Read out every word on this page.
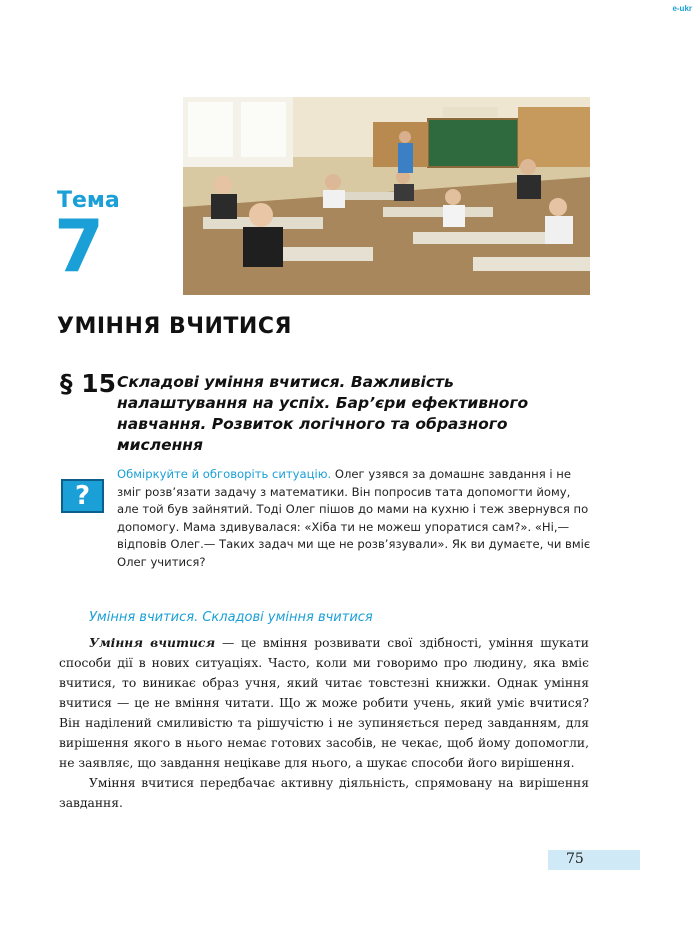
e-ukr
Тема
7
УМІННЯ ВЧИТИСЯ
§ 15 Складові уміння вчитися. Важливість налаштування на успіх. Бар’єри ефективного навчання. Розвиток логічного та образного мислення
?
Обміркуйте й обговоріть ситуацію. Олег узявся за домашнє завдання і не зміг розв’язати задачу з математики. Він попросив тата допомогти йому, але той був зайнятий. Тоді Олег пішов до мами на кухню і теж звернувся по допомогу. Мама здивувалася: «Хіба ти не можеш упоратися сам?». «Ні,— відповів Олег.— Таких задач ми ще не розв’язували». Як ви думаєте, чи вміє Олег учитися?
Уміння вчитися. Складові уміння вчитися

Уміння вчитися — це вміння розвивати свої здібності, уміння шукати способи дії в нових ситуаціях. Часто, коли ми говоримо про людину, яка вміє вчитися, то виникає образ учня, який читає товстезні книжки. Однак уміння вчитися — це не вміння читати. Що ж може робити учень, який уміє вчитися? Він наділений смиливістю та рішучістю і не зупиняється перед завданням, для вирішення якого в нього немає готових засобів, не чекає, щоб йому допомогли, не заявляє, що завдання нецікаве для нього, а шукає способи його вирішення.

Уміння вчитися передбачає активну діяльність, спрямовану на вирішення завдання.

75
